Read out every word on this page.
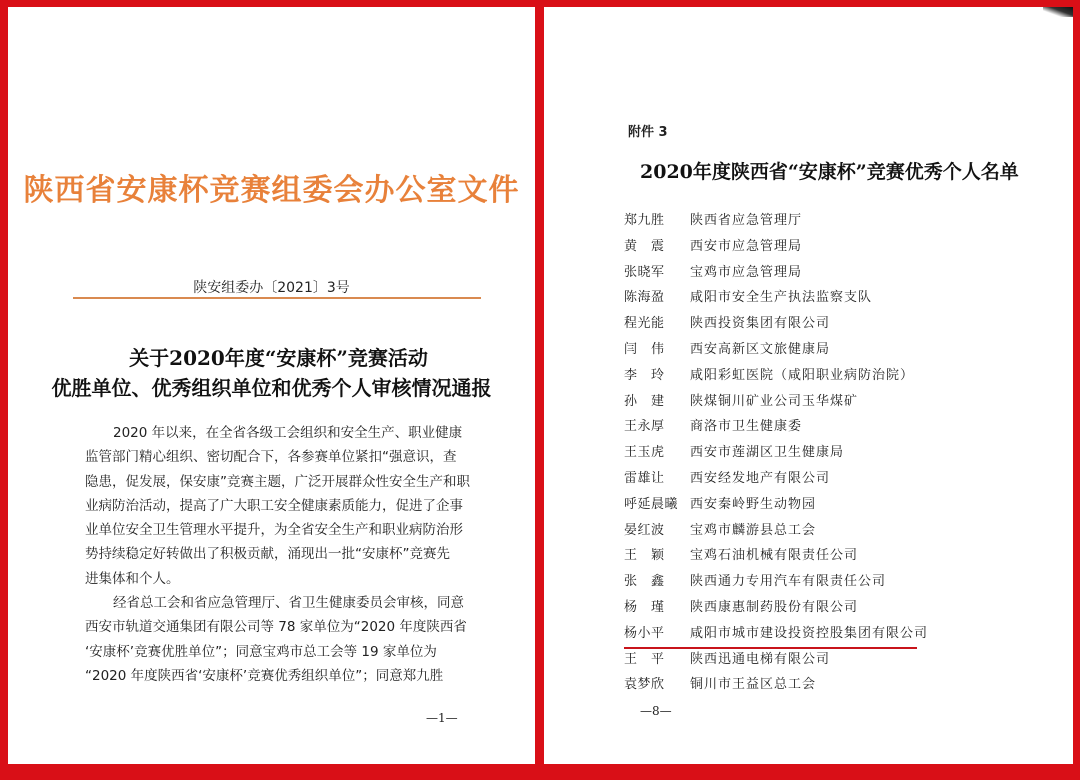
陕西省安康杯竞赛组委会办公室文件
陕安组委办〔2021〕3号
关于2020年度“安康杯”竞赛活动
优胜单位、优秀组织单位和优秀个人审核情况通报
2020 年以来，在全省各级工会组织和安全生产、职业健康
监管部门精心组织、密切配合下，各参赛单位紧扣“强意识，查
隐患，促发展，保安康”竞赛主题，广泛开展群众性安全生产和职
业病防治活动，提高了广大职工安全健康素质能力，促进了企事
业单位安全卫生管理水平提升，为全省安全生产和职业病防治形
势持续稳定好转做出了积极贡献，涌现出一批“安康杯”竞赛先
进集体和个人。
经省总工会和省应急管理厅、省卫生健康委员会审核，同意
西安市轨道交通集团有限公司等 78 家单位为“2020 年度陕西省
‘安康杯’竞赛优胜单位”；同意宝鸡市总工会等 19 家单位为
“2020 年度陕西省‘安康杯’竞赛优秀组织单位”；同意郑九胜
—1—
附件 3
2020年度陕西省“安康杯”竞赛优秀个人名单
郑九胜	陕西省应急管理厅
黄　震	西安市应急管理局
张晓军	宝鸡市应急管理局
陈海盈	咸阳市安全生产执法监察支队
程光能	陕西投资集团有限公司
闫　伟	西安高新区文旅健康局
李　玲	咸阳彩虹医院（咸阳职业病防治院）
孙　建	陕煤铜川矿业公司玉华煤矿
王永厚	商洛市卫生健康委
王玉虎	西安市莲湖区卫生健康局
雷雄让	西安经发地产有限公司
呼延晨曦 西安秦岭野生动物园
晏红波	宝鸡市麟游县总工会
王　颖	宝鸡石油机械有限责任公司
张　鑫	陕西通力专用汽车有限责任公司
杨　瑾	陕西康惠制药股份有限公司
杨小平	咸阳市城市建设投资控股集团有限公司
王　平	陕西迅通电梯有限公司
袁梦欣	铜川市王益区总工会
—8—
